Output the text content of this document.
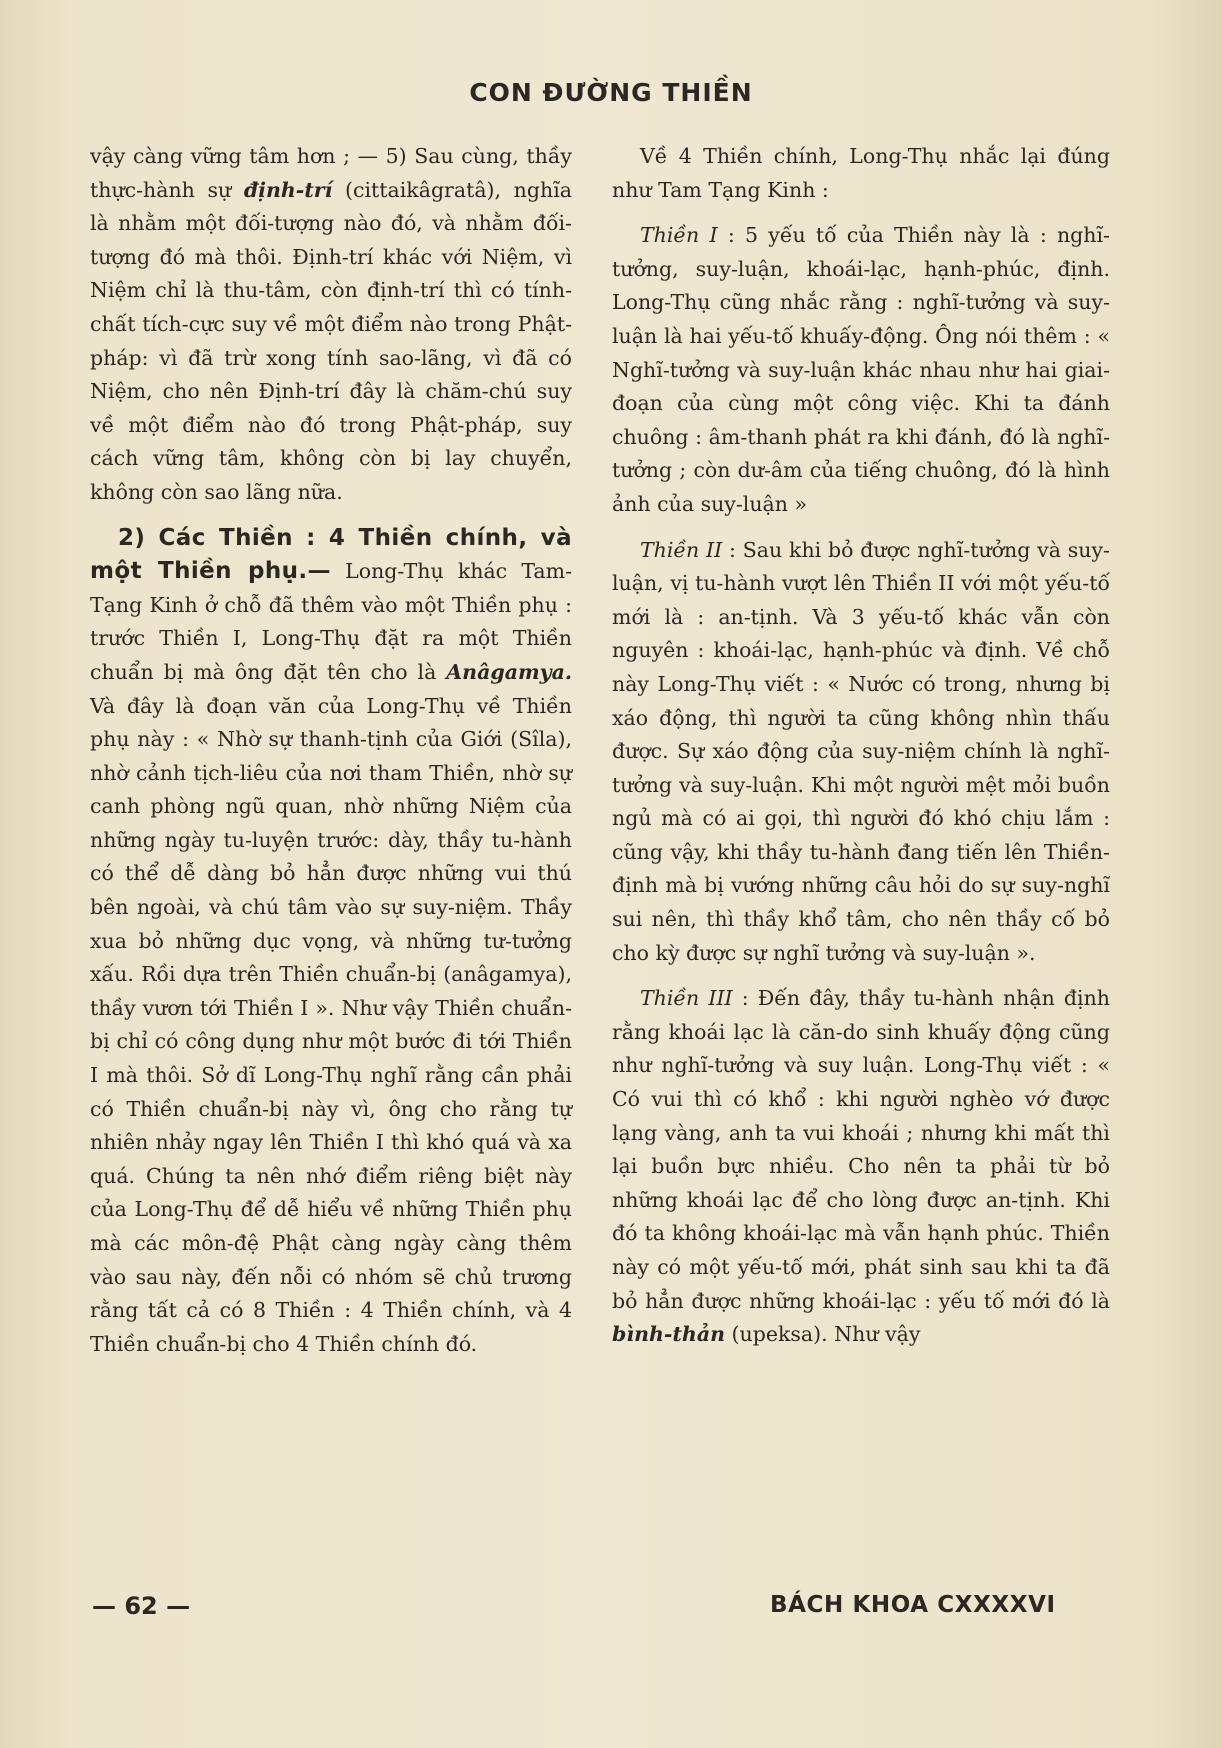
CON ĐƯỜNG THIỀN

vậy càng vững tâm hơn ; — 5) Sau cùng, thầy thực-hành sự định-trí (cittaikâgratâ), nghĩa là nhằm một đối-tượng nào đó, và nhằm đối-tượng đó mà thôi. Định-trí khác với Niệm, vì Niệm chỉ là thu-tâm, còn định-trí thì có tính-chất tích-cực suy về một điểm nào trong Phật-pháp: vì đã trừ xong tính sao-lãng, vì đã có Niệm, cho nên Định-trí đây là chăm-chú suy về một điểm nào đó trong Phật-pháp, suy cách vững tâm, không còn bị lay chuyển, không còn sao lãng nữa.

2) Các Thiền : 4 Thiền chính, và một Thiền phụ.— Long-Thụ khác Tam-Tạng Kinh ở chỗ đã thêm vào một Thiền phụ : trước Thiền I, Long-Thụ đặt ra một Thiền chuẩn bị mà ông đặt tên cho là Anâgamya. Và đây là đoạn văn của Long-Thụ về Thiền phụ này : « Nhờ sự thanh-tịnh của Giới (Sîla), nhờ cảnh tịch-liêu của nơi tham Thiền, nhờ sự canh phòng ngũ quan, nhờ những Niệm của những ngày tu-luyện trước: dày, thầy tu-hành có thể dễ dàng bỏ hẳn được những vui thú bên ngoài, và chú tâm vào sự suy-niệm. Thầy xua bỏ những dục vọng, và những tư-tưởng xấu. Rồi dựa trên Thiền chuẩn-bị (anâgamya), thầy vươn tới Thiền I ». Như vậy Thiền chuẩn-bị chỉ có công dụng như một bước đi tới Thiền I mà thôi. Sở dĩ Long-Thụ nghĩ rằng cần phải có Thiền chuẩn-bị này vì, ông cho rằng tự nhiên nhảy ngay lên Thiền I thì khó quá và xa quá. Chúng ta nên nhớ điểm riêng biệt này của Long-Thụ để dễ hiểu về những Thiền phụ mà các môn-đệ Phật càng ngày càng thêm vào sau này, đến nỗi có nhóm sẽ chủ trương rằng tất cả có 8 Thiền : 4 Thiền chính, và 4 Thiền chuẩn-bị cho 4 Thiền chính đó.

Về 4 Thiền chính, Long-Thụ nhắc lại đúng như Tam Tạng Kinh :

Thiền I : 5 yếu tố của Thiền này là : nghĩ-tưởng, suy-luận, khoái-lạc, hạnh-phúc, định. Long-Thụ cũng nhắc rằng : nghĩ-tưởng và suy-luận là hai yếu-tố khuấy-động. Ông nói thêm : « Nghĩ-tưởng và suy-luận khác nhau như hai giai-đoạn của cùng một công việc. Khi ta đánh chuông : âm-thanh phát ra khi đánh, đó là nghĩ-tưởng ; còn dư-âm của tiếng chuông, đó là hình ảnh của suy-luận »

Thiền II : Sau khi bỏ được nghĩ-tưởng và suy-luận, vị tu-hành vượt lên Thiền II với một yếu-tố mới là : an-tịnh. Và 3 yếu-tố khác vẫn còn nguyên : khoái-lạc, hạnh-phúc và định. Về chỗ này Long-Thụ viết : « Nước có trong, nhưng bị xáo động, thì người ta cũng không nhìn thấu được. Sự xáo động của suy-niệm chính là nghĩ-tưởng và suy-luận. Khi một người mệt mỏi buồn ngủ mà có ai gọi, thì người đó khó chịu lắm : cũng vậy, khi thầy tu-hành đang tiến lên Thiền-định mà bị vướng những câu hỏi do sự suy-nghĩ sui nên, thì thầy khổ tâm, cho nên thầy cố bỏ cho kỳ được sự nghĩ tưởng và suy-luận ».

Thiền III : Đến đây, thầy tu-hành nhận định rằng khoái lạc là căn-do sinh khuấy động cũng như nghĩ-tưởng và suy luận. Long-Thụ viết : « Có vui thì có khổ : khi người nghèo vớ được lạng vàng, anh ta vui khoái ; nhưng khi mất thì lại buồn bực nhiều. Cho nên ta phải từ bỏ những khoái lạc để cho lòng được an-tịnh. Khi đó ta không khoái-lạc mà vẫn hạnh phúc. Thiền này có một yếu-tố mới, phát sinh sau khi ta đã bỏ hẳn được những khoái-lạc : yếu tố mới đó là bình-thản (upeksa). Như vậy

— 62 —	BÁCH KHOA CXXXXVI
